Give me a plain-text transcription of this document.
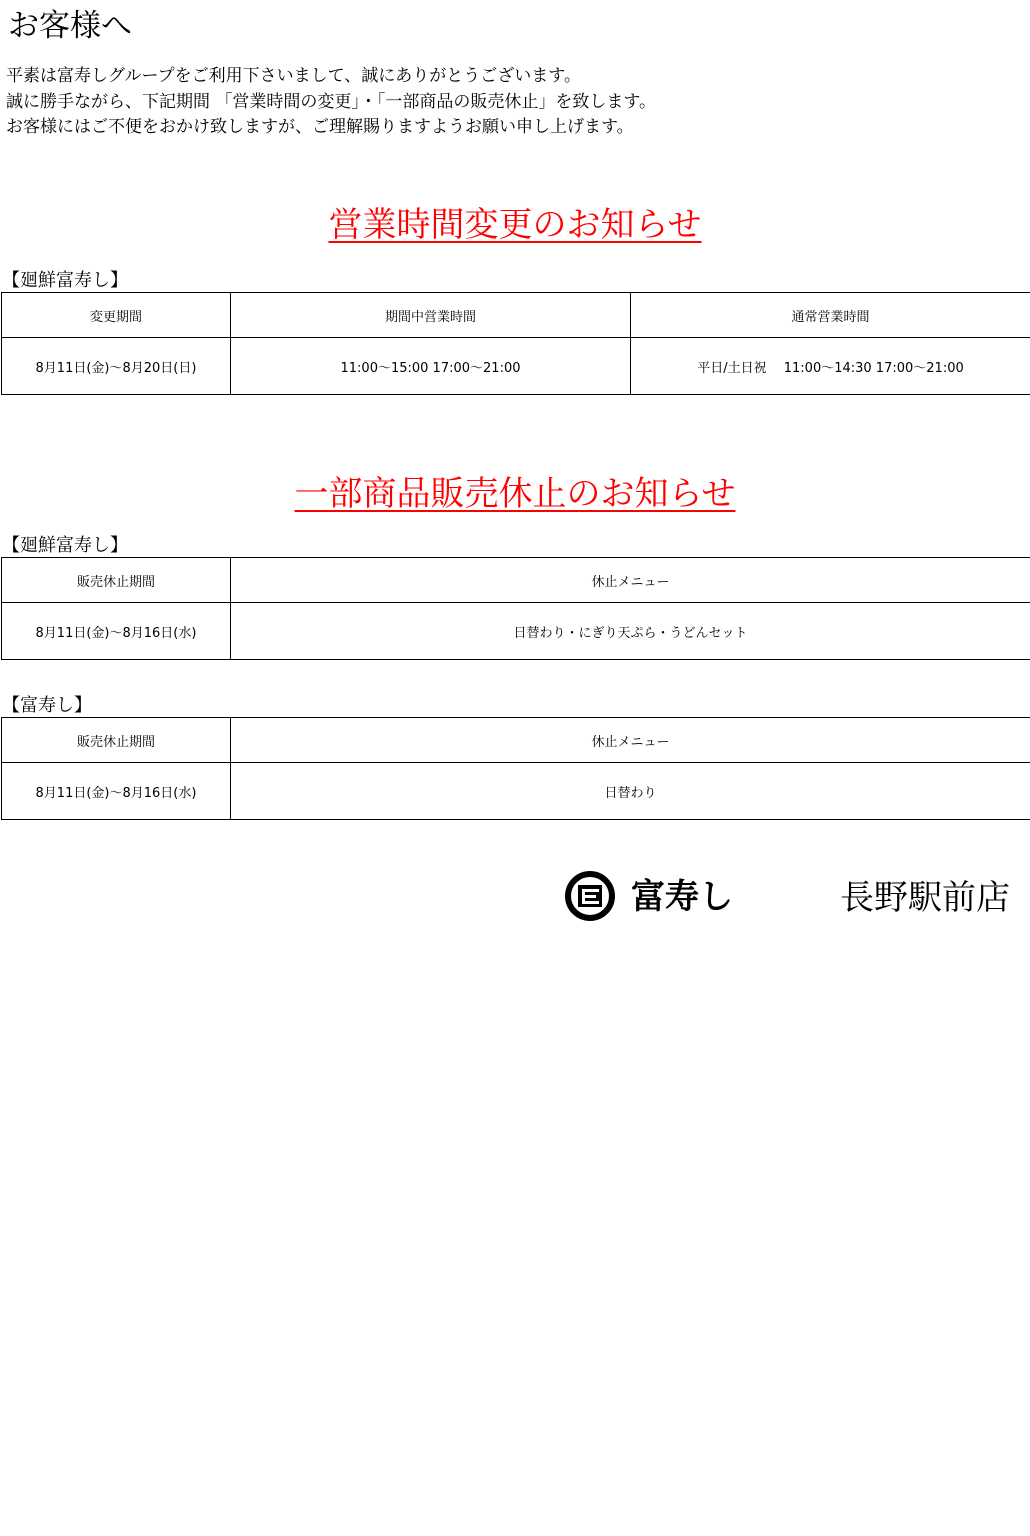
お客様へ
平素は富寿しグループをご利用下さいまして、誠にありがとうございます。
誠に勝手ながら、下記期間 「営業時間の変更」・「一部商品の販売休止」を致します。
お客様にはご不便をおかけ致しますが、ご理解賜りますようお願い申し上げます。
営業時間変更のお知らせ
【廻鮮富寿し】
変更期間	期間中営業時間	通常営業時間
8月11日(金)～8月20日(日)	11:00～15:00 17:00～21:00	平日/土日祝　 11:00～14:30 17:00～21:00
一部商品販売休止のお知らせ
【廻鮮富寿し】
販売休止期間	休止メニュー
8月11日(金)～8月16日(水)	日替わり・にぎり天ぷら・うどんセット
【富寿し】
販売休止期間	休止メニュー
8月11日(金)～8月16日(水)	日替わり
富寿し	長野駅前店
